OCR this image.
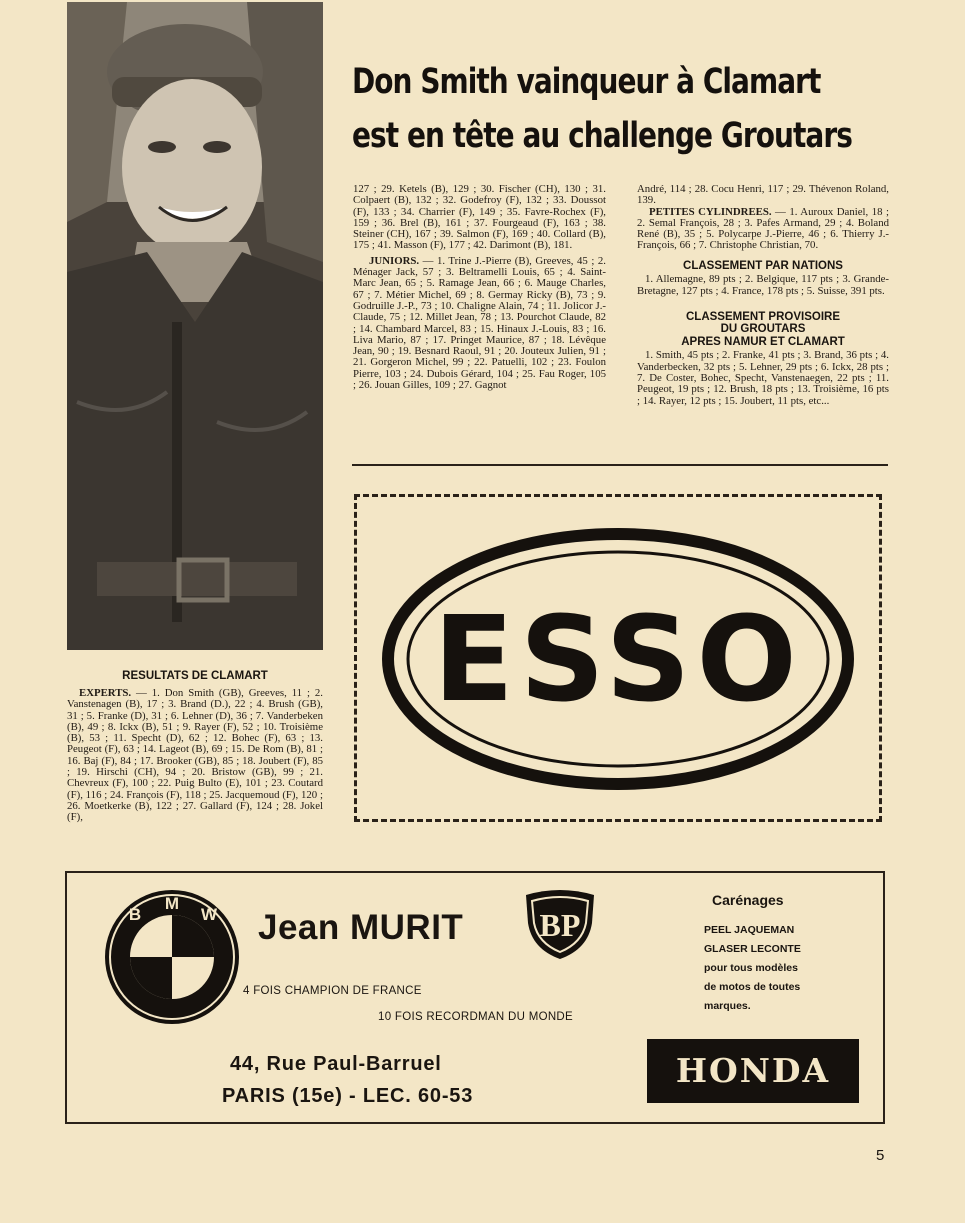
Don Smith vainqueur à Clamart
est en tête au challenge Groutars

127 ; 29. Ketels (B), 129 ; 30. Fischer (CH), 130 ; 31. Colpaert (B), 132 ; 32. Godefroy (F), 132 ; 33. Doussot (F), 133 ; 34. Charrier (F), 149 ; 35. Favre-Rochex (F), 159 ; 36. Brel (B), 161 ; 37. Fourgeaud (F), 163 ; 38. Steiner (CH), 167 ; 39. Salmon (F), 169 ; 40. Collard (B), 175 ; 41. Masson (F), 177 ; 42. Darimont (B), 181.

JUNIORS. — 1. Trine J.-Pierre (B), Greeves, 45 ; 2. Ménager Jack, 57 ; 3. Beltramelli Louis, 65 ; 4. Saint-Marc Jean, 65 ; 5. Ramage Jean, 66 ; 6. Mauge Charles, 67 ; 7. Métier Michel, 69 ; 8. Germay Ricky (B), 73 ; 9. Godruille J.-P., 73 ; 10. Chaligne Alain, 74 ; 11. Jolicor J.-Claude, 75 ; 12. Millet Jean, 78 ; 13. Pourchot Claude, 82 ; 14. Chambard Marcel, 83 ; 15. Hinaux J.-Louis, 83 ; 16. Liva Mario, 87 ; 17. Pringet Maurice, 87 ; 18. Lévêque Jean, 90 ; 19. Besnard Raoul, 91 ; 20. Jouteux Julien, 91 ; 21. Gorgeron Michel, 99 ; 22. Patuelli, 102 ; 23. Foulon Pierre, 103 ; 24. Dubois Gérard, 104 ; 25. Fau Roger, 105 ; 26. Jouan Gilles, 109 ; 27. Gagnot

André, 114 ; 28. Cocu Henri, 117 ; 29. Thévenon Roland, 139.

PETITES CYLINDREES. — 1. Auroux Daniel, 18 ; 2. Semal François, 28 ; 3. Pafes Armand, 29 ; 4. Boland René (B), 35 ; 5. Polycarpe J.-Pierre, 46 ; 6. Thierry J.-François, 66 ; 7. Christophe Christian, 70.

CLASSEMENT PAR NATIONS

1. Allemagne, 89 pts ; 2. Belgique, 117 pts ; 3. Grande-Bretagne, 127 pts ; 4. France, 178 pts ; 5. Suisse, 391 pts.

CLASSEMENT PROVISOIRE
DU GROUTARS
APRES NAMUR ET CLAMART

1. Smith, 45 pts ; 2. Franke, 41 pts ; 3. Brand, 36 pts ; 4. Vanderbecken, 32 pts ; 5. Lehner, 29 pts ; 6. Ickx, 28 pts ; 7. De Coster, Bohec, Specht, Vanstenaegen, 22 pts ; 11. Peugeot, 19 pts ; 12. Brush, 18 pts ; 13. Troisième, 16 pts ; 14. Rayer, 12 pts ; 15. Joubert, 11 pts, etc...

RESULTATS DE CLAMART

EXPERTS. — 1. Don Smith (GB), Greeves, 11 ; 2. Vanstenagen (B), 17 ; 3. Brand (D.), 22 ; 4. Brush (GB), 31 ; 5. Franke (D), 31 ; 6. Lehner (D), 36 ; 7. Vanderbeken (B), 49 ; 8. Ickx (B), 51 ; 9. Rayer (F), 52 ; 10. Troisième (B), 53 ; 11. Specht (D), 62 ; 12. Bohec (F), 63 ; 13. Peugeot (F), 63 ; 14. Lageot (B), 69 ; 15. De Rom (B), 81 ; 16. Baj (F), 84 ; 17. Brooker (GB), 85 ; 18. Joubert (F), 85 ; 19. Hirschi (CH), 94 ; 20. Bristow (GB), 99 ; 21. Chevreux (F), 100 ; 22. Puig Bulto (E), 101 ; 23. Coutard (F), 116 ; 24. François (F), 118 ; 25. Jacquemoud (F), 120 ; 26. Moetkerke (B), 122 ; 27. Gallard (F), 124 ; 28. Jokel (F),

ESSO
B
M
W Jean MURIT BP
4 FOIS CHAMPION DE FRANCE
10 FOIS RECORDMAN DU MONDE
44, Rue Paul-Barruel
PARIS (15e) - LEC. 60-53
Carénages
PEEL JAQUEMAN
GLASER LECONTE
pour tous modèles
de motos de toutes
marques.
HONDA
5
